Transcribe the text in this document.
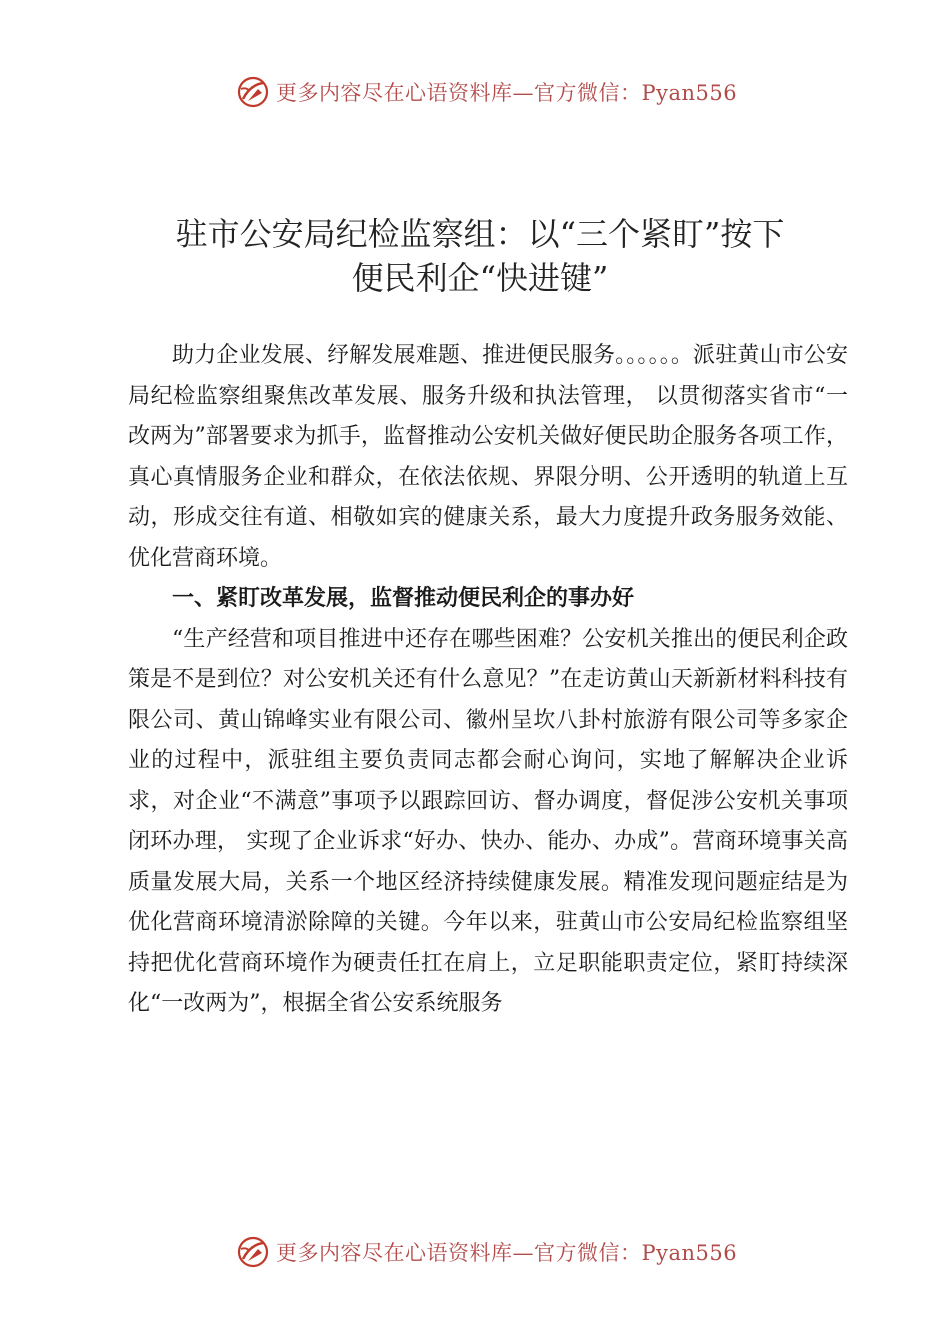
更多内容尽在心语资料库—官方微信：Pyan556
驻市公安局纪检监察组：以“三个紧盯”按下
便民利企“快进键”

助力企业发展、纾解发展难题、推进便民服务。。。。。。派驻黄山市公安局纪检监察组聚焦改革发展、服务升级和执法管理， 以贯彻落实省市“一改两为”部署要求为抓手，监督推动公安机关做好便民助企服务各项工作，真心真情服务企业和群众，在依法依规、界限分明、公开透明的轨道上互动，形成交往有道、相敬如宾的健康关系，最大力度提升政务服务效能、优化营商环境。

一、紧盯改革发展，监督推动便民利企的事办好

“生产经营和项目推进中还存在哪些困难？公安机关推出的便民利企政策是不是到位？对公安机关还有什么意见？”在走访黄山天新新材料科技有限公司、黄山锦峰实业有限公司、徽州呈坎八卦村旅游有限公司等多家企业的过程中，派驻组主要负责同志都会耐心询问，实地了解解决企业诉求，对企业“不满意”事项予以跟踪回访、督办调度，督促涉公安机关事项闭环办理， 实现了企业诉求“好办、快办、能办、办成”。营商环境事关高质量发展大局，关系一个地区经济持续健康发展。精准发现问题症结是为优化营商环境清淤除障的关键。今年以来，驻黄山市公安局纪检监察组坚持把优化营商环境作为硬责任扛在肩上，立足职能职责定位，紧盯持续深化“一改两为”，根据全省公安系统服务

更多内容尽在心语资料库—官方微信：Pyan556
